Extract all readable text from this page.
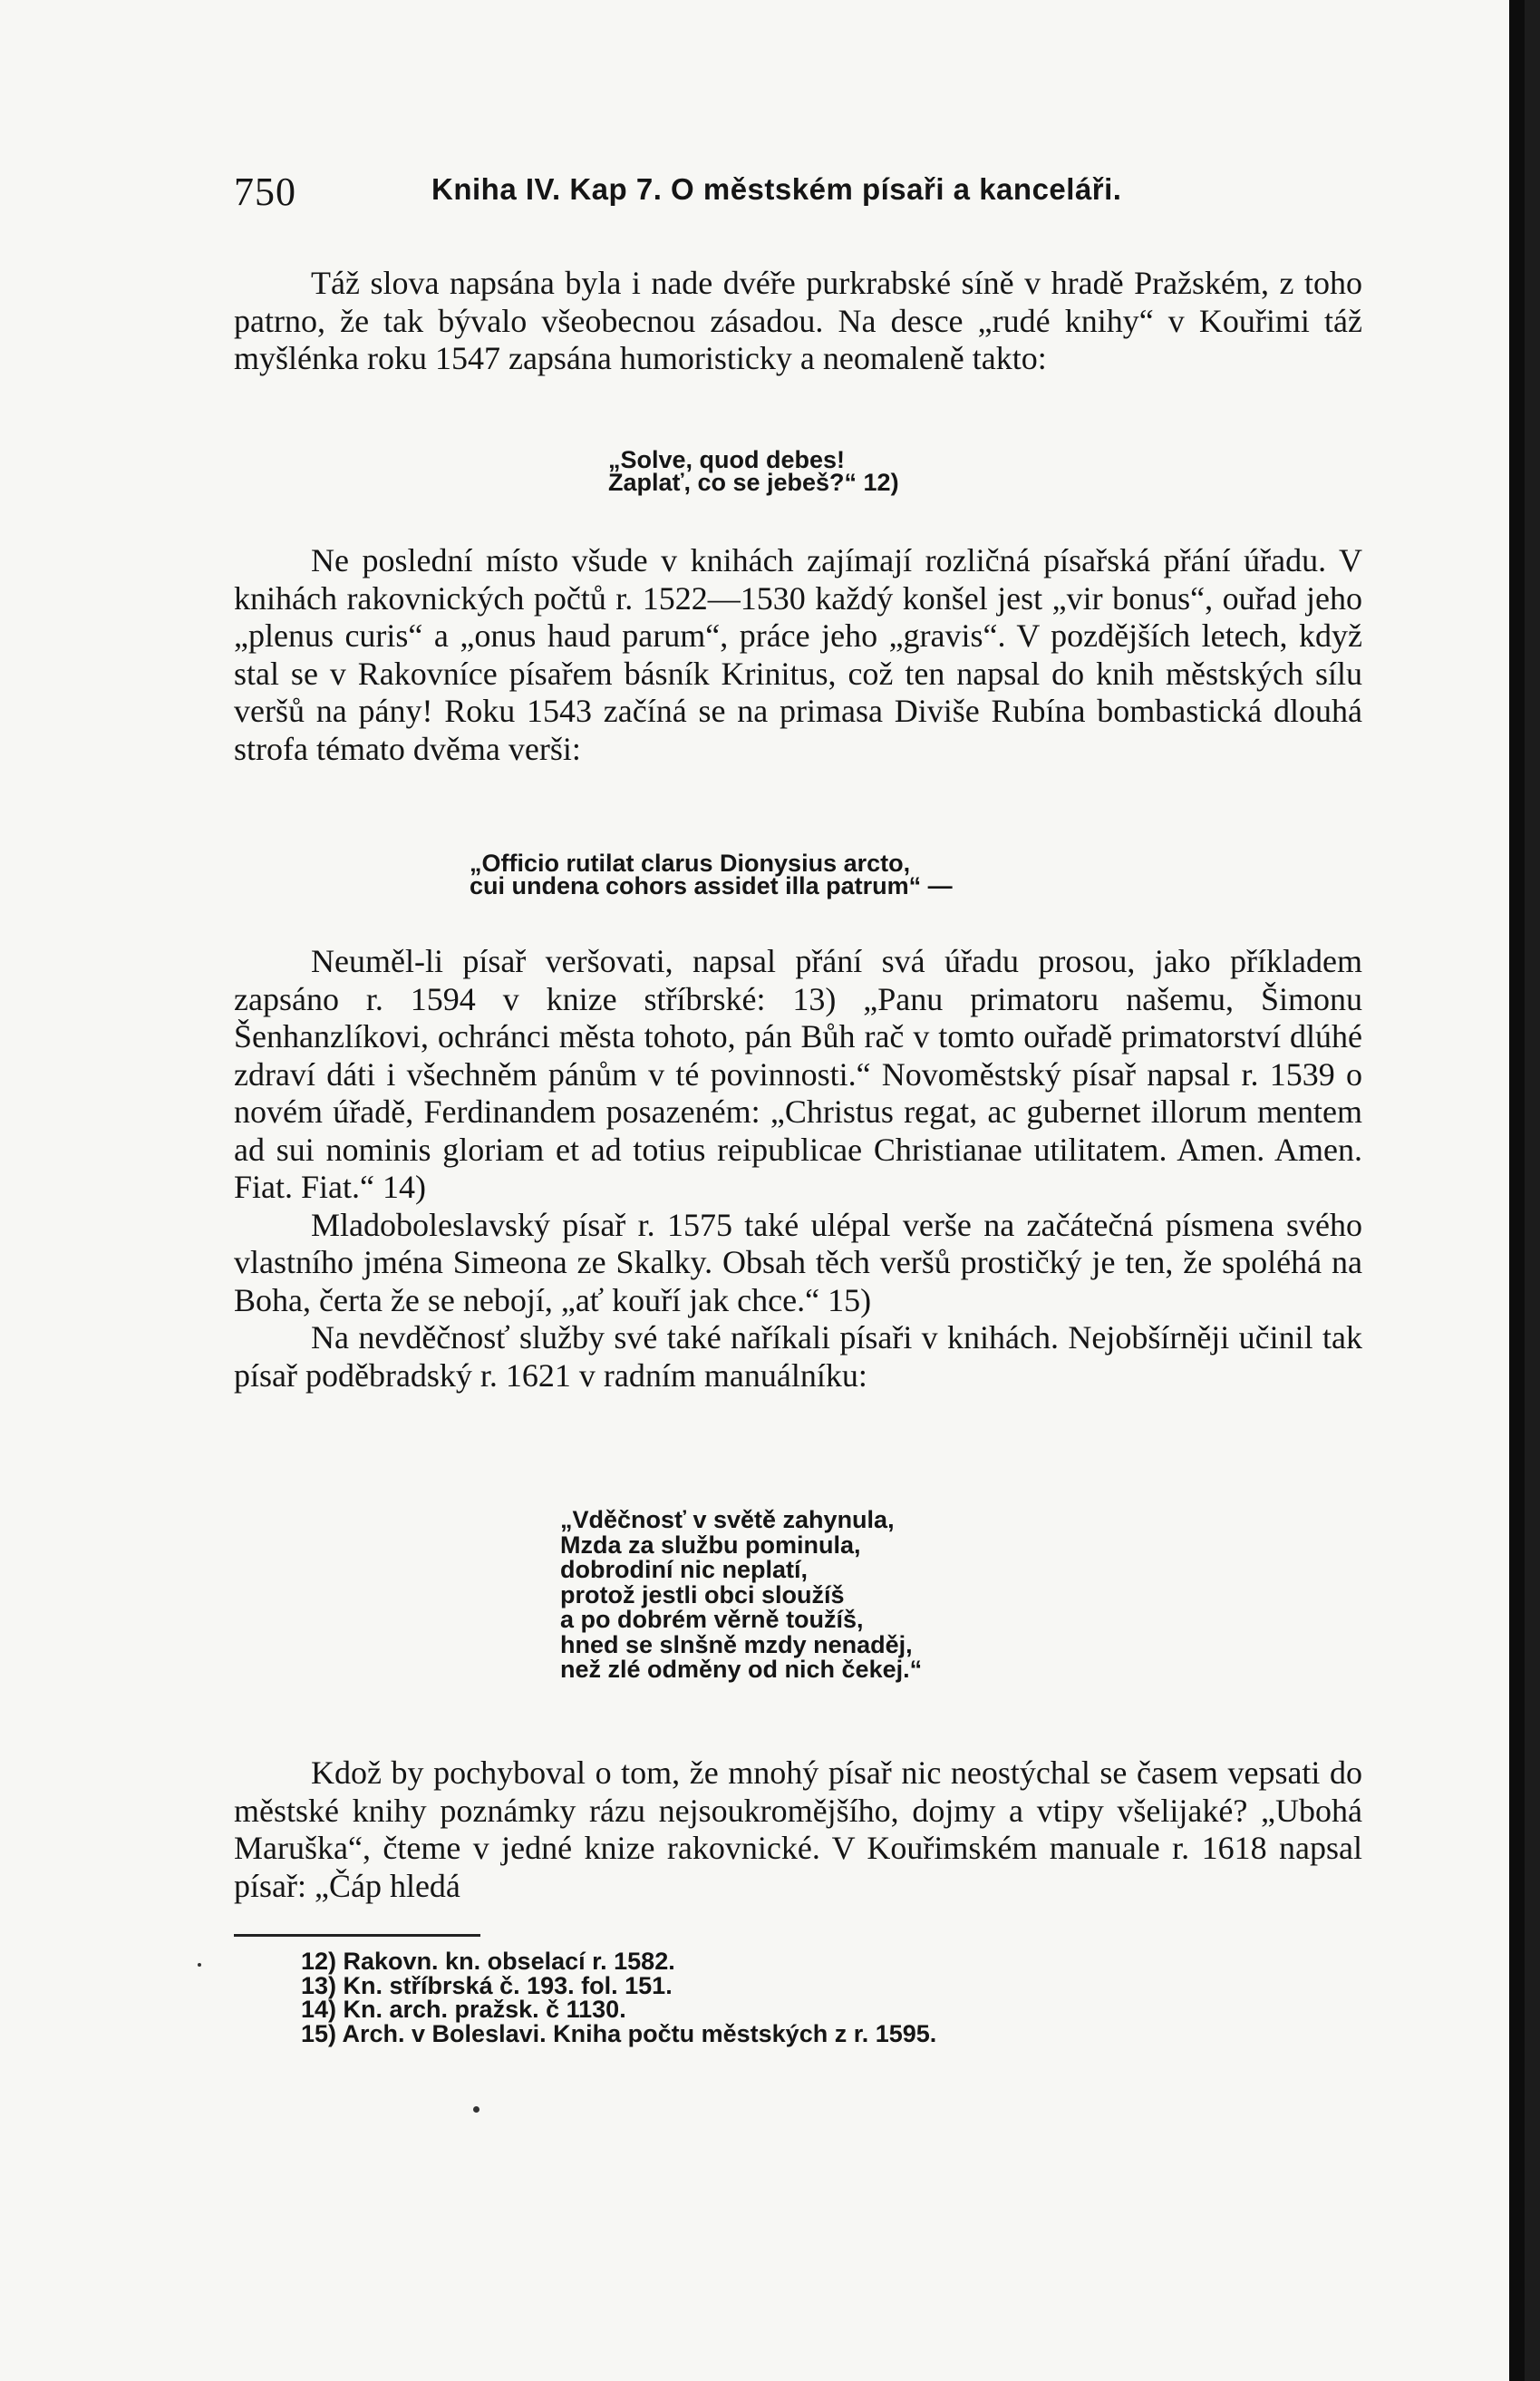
750	Kniha IV. Kap 7. O městském písaři a kanceláři.

Táž slova napsána byla i nade dvéře purkrabské síně v hradě Pražském, z toho patrno, že tak bývalo všeobecnou zásadou. Na desce „rudé knihy“ v Kouřimi táž myšlénka roku 1547 zapsána humoristicky a neomaleně takto:

„Solve, quod debes!
Zaplať, co se jebeš?“ 12)

Ne poslední místo všude v knihách zajímají rozličná písařská přání úřadu. V knihách rakovnických počtů r. 1522—1530 každý konšel jest „vir bonus“, ouřad jeho „plenus curis“ a „onus haud parum“, práce jeho „gravis“. V pozdějších letech, když stal se v Rakovníce písařem básník Krinitus, což ten napsal do knih městských sílu veršů na pány! Roku 1543 začíná se na primasa Diviše Rubína bombastická dlouhá strofa témato dvěma verši:

„Officio rutilat clarus Dionysius arcto,
cui undena cohors assidet illa patrum“ —

Neuměl-li písař veršovati, napsal přání svá úřadu prosou, jako příkladem zapsáno r. 1594 v knize stříbrské: 13) „Panu primatoru našemu, Šimonu Šenhanzlíkovi, ochránci města tohoto, pán Bůh rač v tomto ouřadě primatorství dlúhé zdraví dáti i všechněm pánům v té povinnosti.“ Novoměstský písař napsal r. 1539 o novém úřadě, Ferdinandem posazeném: „Christus regat, ac gubernet illorum mentem ad sui nominis gloriam et ad totius reipublicae Christianae utilitatem. Amen. Amen. Fiat. Fiat.“ 14)

Mladoboleslavský písař r. 1575 také ulépal verše na začátečná písmena svého vlastního jména Simeona ze Skalky. Obsah těch veršů prostičký je ten, že spoléhá na Boha, čerta že se nebojí, „ať kouří jak chce.“ 15)

Na nevděčnosť služby své také naříkali písaři v knihách. Nejobšírněji učinil tak písař poděbradský r. 1621 v radním manuálníku:

„Vděčnosť v světě zahynula,
Mzda za službu pominula,
dobrodiní nic neplatí,
protož jestli obci sloužíš
a po dobrém věrně toužíš,
hned se slnšně mzdy nenaděj,
než zlé odměny od nich čekej.“

Kdož by pochyboval o tom, že mnohý písař nic neostýchal se časem vepsati do městské knihy poznámky rázu nejsoukromějšího, dojmy a vtipy všelijaké? „Ubohá Maruška“, čteme v jedné knize rakovnické. V Kouřimském manuale r. 1618 napsal písař: „Čáp hledá

12) Rakovn. kn. obselací r. 1582.
13) Kn. stříbrská č. 193. fol. 151.
14) Kn. arch. pražsk. č 1130.
15) Arch. v Boleslavi. Kniha počtu městských z r. 1595.
